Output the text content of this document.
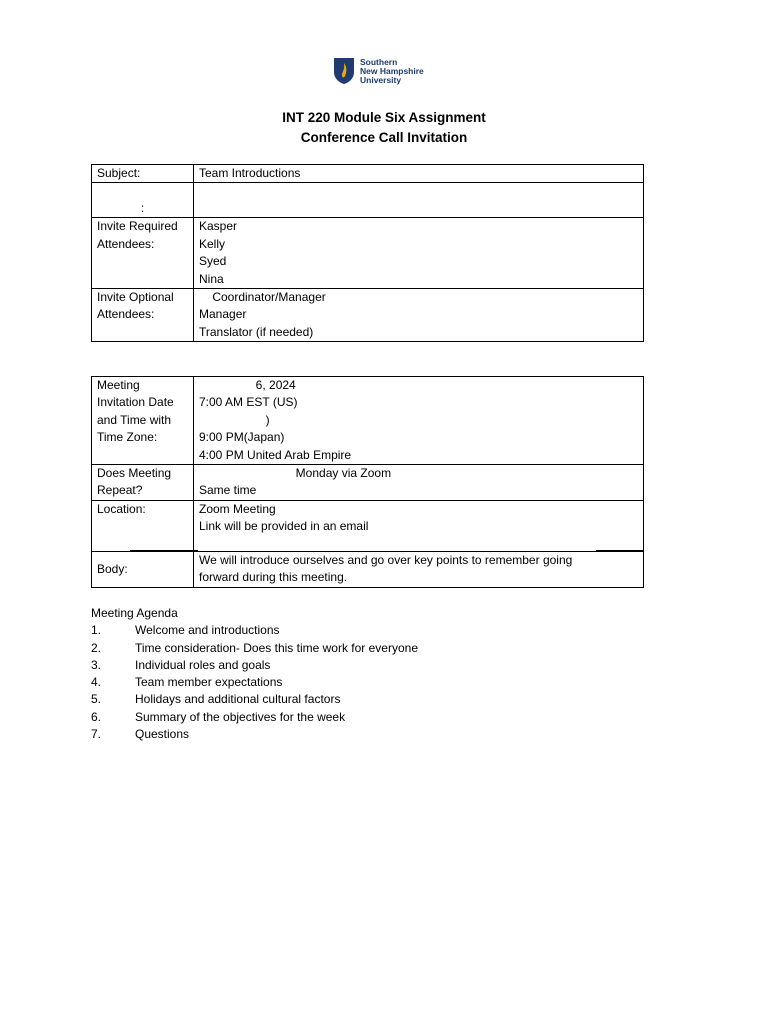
Southern
New Hampshire
University
INT 220 Module Six Assignment
Conference Call Invitation
Subject:	Team Introductions
:	

Invite Required
Attendees:	Kasper
Kelly
Syed
Nina

Invite Optional
Attendees:	Coordinator/Manager
Manager
Translator (if needed)
Meeting
Invitation Date
and Time with
Time Zone:	6, 2024
7:00 AM EST (US)
)
9:00 PM(Japan)
4:00 PM United Arab Empire

Does Meeting
Repeat?	Monday via Zoom
Same time

Location:	Zoom Meeting
Link will be provided in an email

Body:	We will introduce ourselves and go over key points to remember going
forward during this meeting.
Meeting Agenda
1.	Welcome and introductions
2.	Time consideration- Does this time work for everyone
3.	Individual roles and goals
4.	Team member expectations
5.	Holidays and additional cultural factors
6.	Summary of the objectives for the week
7.	Questions
